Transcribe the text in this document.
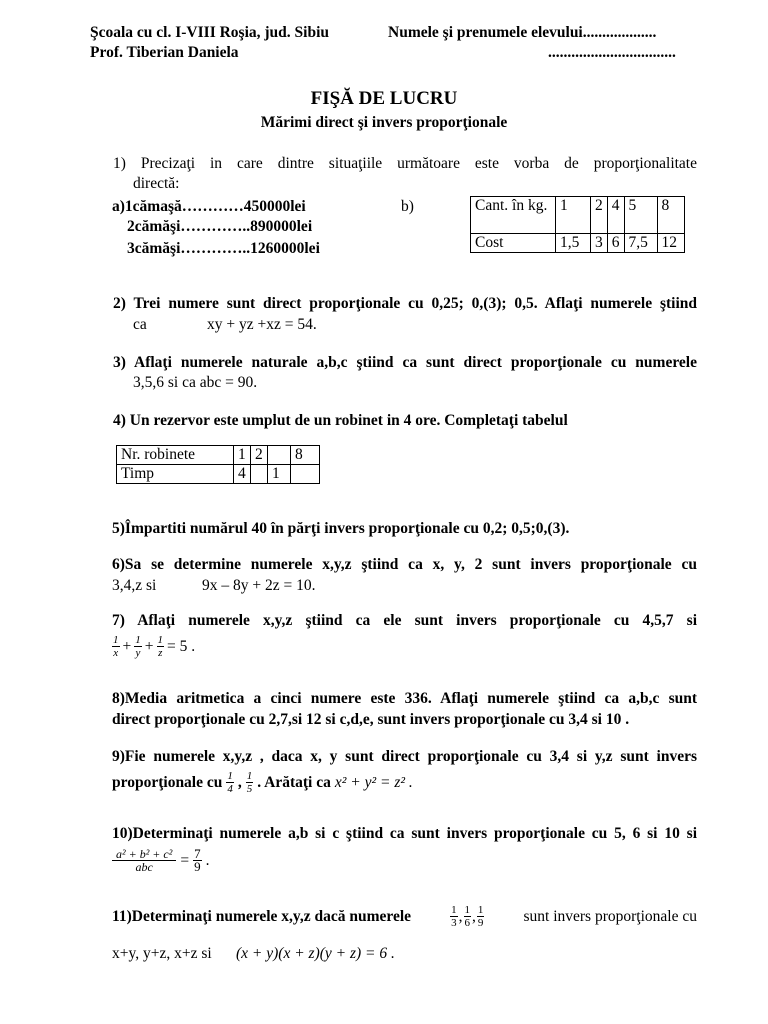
Şcoala cu cl. I-VIII Roşia, jud. Sibiu	Numele şi prenumele elevului...................
Prof. Tiberian Daniela	.................................
FIŞĂ DE LUCRU
Mărimi direct şi invers proporţionale
1) Precizaţi in care dintre situaţiile următoare este vorba de proporţionalitate
directă:
a)1cămaşă…………450000lei
2cămăşi…………..890000lei
3cămăşi…………..1260000lei
b)	Cant. în kg.	1	2	4	5	8
Cost	1,5	3	6	7,5	12
2) Trei numere sunt direct proporţionale cu 0,25; 0,(3); 0,5. Aflaţi numerele ştiind
ca	xy + yz +xz = 54.
3) Aflaţi numerele naturale a,b,c ştiind ca sunt direct proporţionale cu numerele
3,5,6 si ca abc = 90.
4) Un rezervor este umplut de un robinet in 4 ore. Completaţi tabelul
Nr. robinete	1	2		8
Timp	4		1	
5)Împartiti numărul 40 în părţi invers proporţionale cu 0,2; 0,5;0,(3).
6)Sa se determine numerele x,y,z ştiind ca x, y, 2 sunt invers proporţionale cu
3,4,z si	9x – 8y + 2z = 10.
7) Aflaţi numerele x,y,z ştiind ca ele sunt invers proporţionale cu 4,5,7 si
$\frac{1}{x} + \frac{1}{y} + \frac{1}{z} = 5$ .
8)Media aritmetica a cinci numere este 336. Aflaţi numerele ştiind ca a,b,c sunt
direct proporţionale cu 2,7,si 12 si c,d,e, sunt invers proporţionale cu 3,4 si 10 .
9)Fie numerele x,y,z , daca x, y sunt direct proporţionale cu 3,4 si y,z sunt invers
proporţionale cu $\frac{1}{4}$ , $\frac{1}{5}$ . Arătaţi ca x² + y² = z² .
10)Determinaţi numerele a,b si c ştiind ca sunt invers proporţionale cu 5, 6 si 10 si
$\frac{\text{a² + b² + c²}}{\text{abc}} = \frac{7}{9}$ .
11)Determinaţi numerele x,y,z dacă numerele	$\frac{1}{3}$ , $\frac{1}{6}$ , $\frac{1}{9}$	sunt invers proporţionale cu
x+y, y+z, x+z si (x + y)(x + z)(y + z) = 6 .
